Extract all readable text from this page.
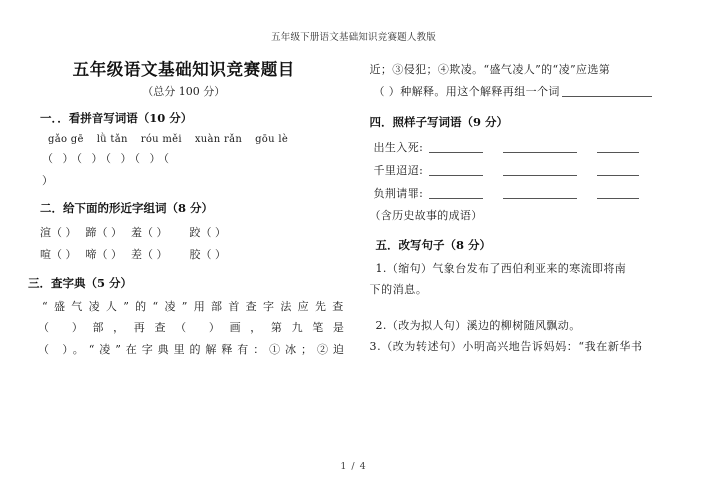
五年级下册语文基础知识竞赛题人教版
五年级语文基础知识竞赛题目
（总分 100 分）
一．．看拼音写词语（10 分）
gǎo gē lǜ tǎn róu měi xuàn rǎn gōu lè
（ ）（ ）（ ）（ ）（
）
二．给下面的形近字组词（8 分）
渲（ ） 蹄（ ） 羞（ ） 跤（ ）
喧（ ） 啼（ ） 差（ ） 胶（ ）
三．查字典（5 分）
“盛气凌人”的“凌”用部首查字法应先查
（ ）部，再查（ ）画，第九笔是
（ ）。“凌”在字典里的解释有：①冰；②迫
近；③侵犯；④欺凌。“盛气凌人”的“凌”应选第
（ ）种解释。用这个解释再组一个词
四．照样子写词语（9 分）
出生入死:
千里迢迢:
负荆请罪:
（含历史故事的成语）
五．改写句子（8 分）
1.（缩句）气象台发布了西伯利亚来的寒流即将南
下的消息。
2.（改为拟人句）溪边的柳树随风飘动。
3.（改为转述句）小明高兴地告诉妈妈：“我在新华书
1 / 4
